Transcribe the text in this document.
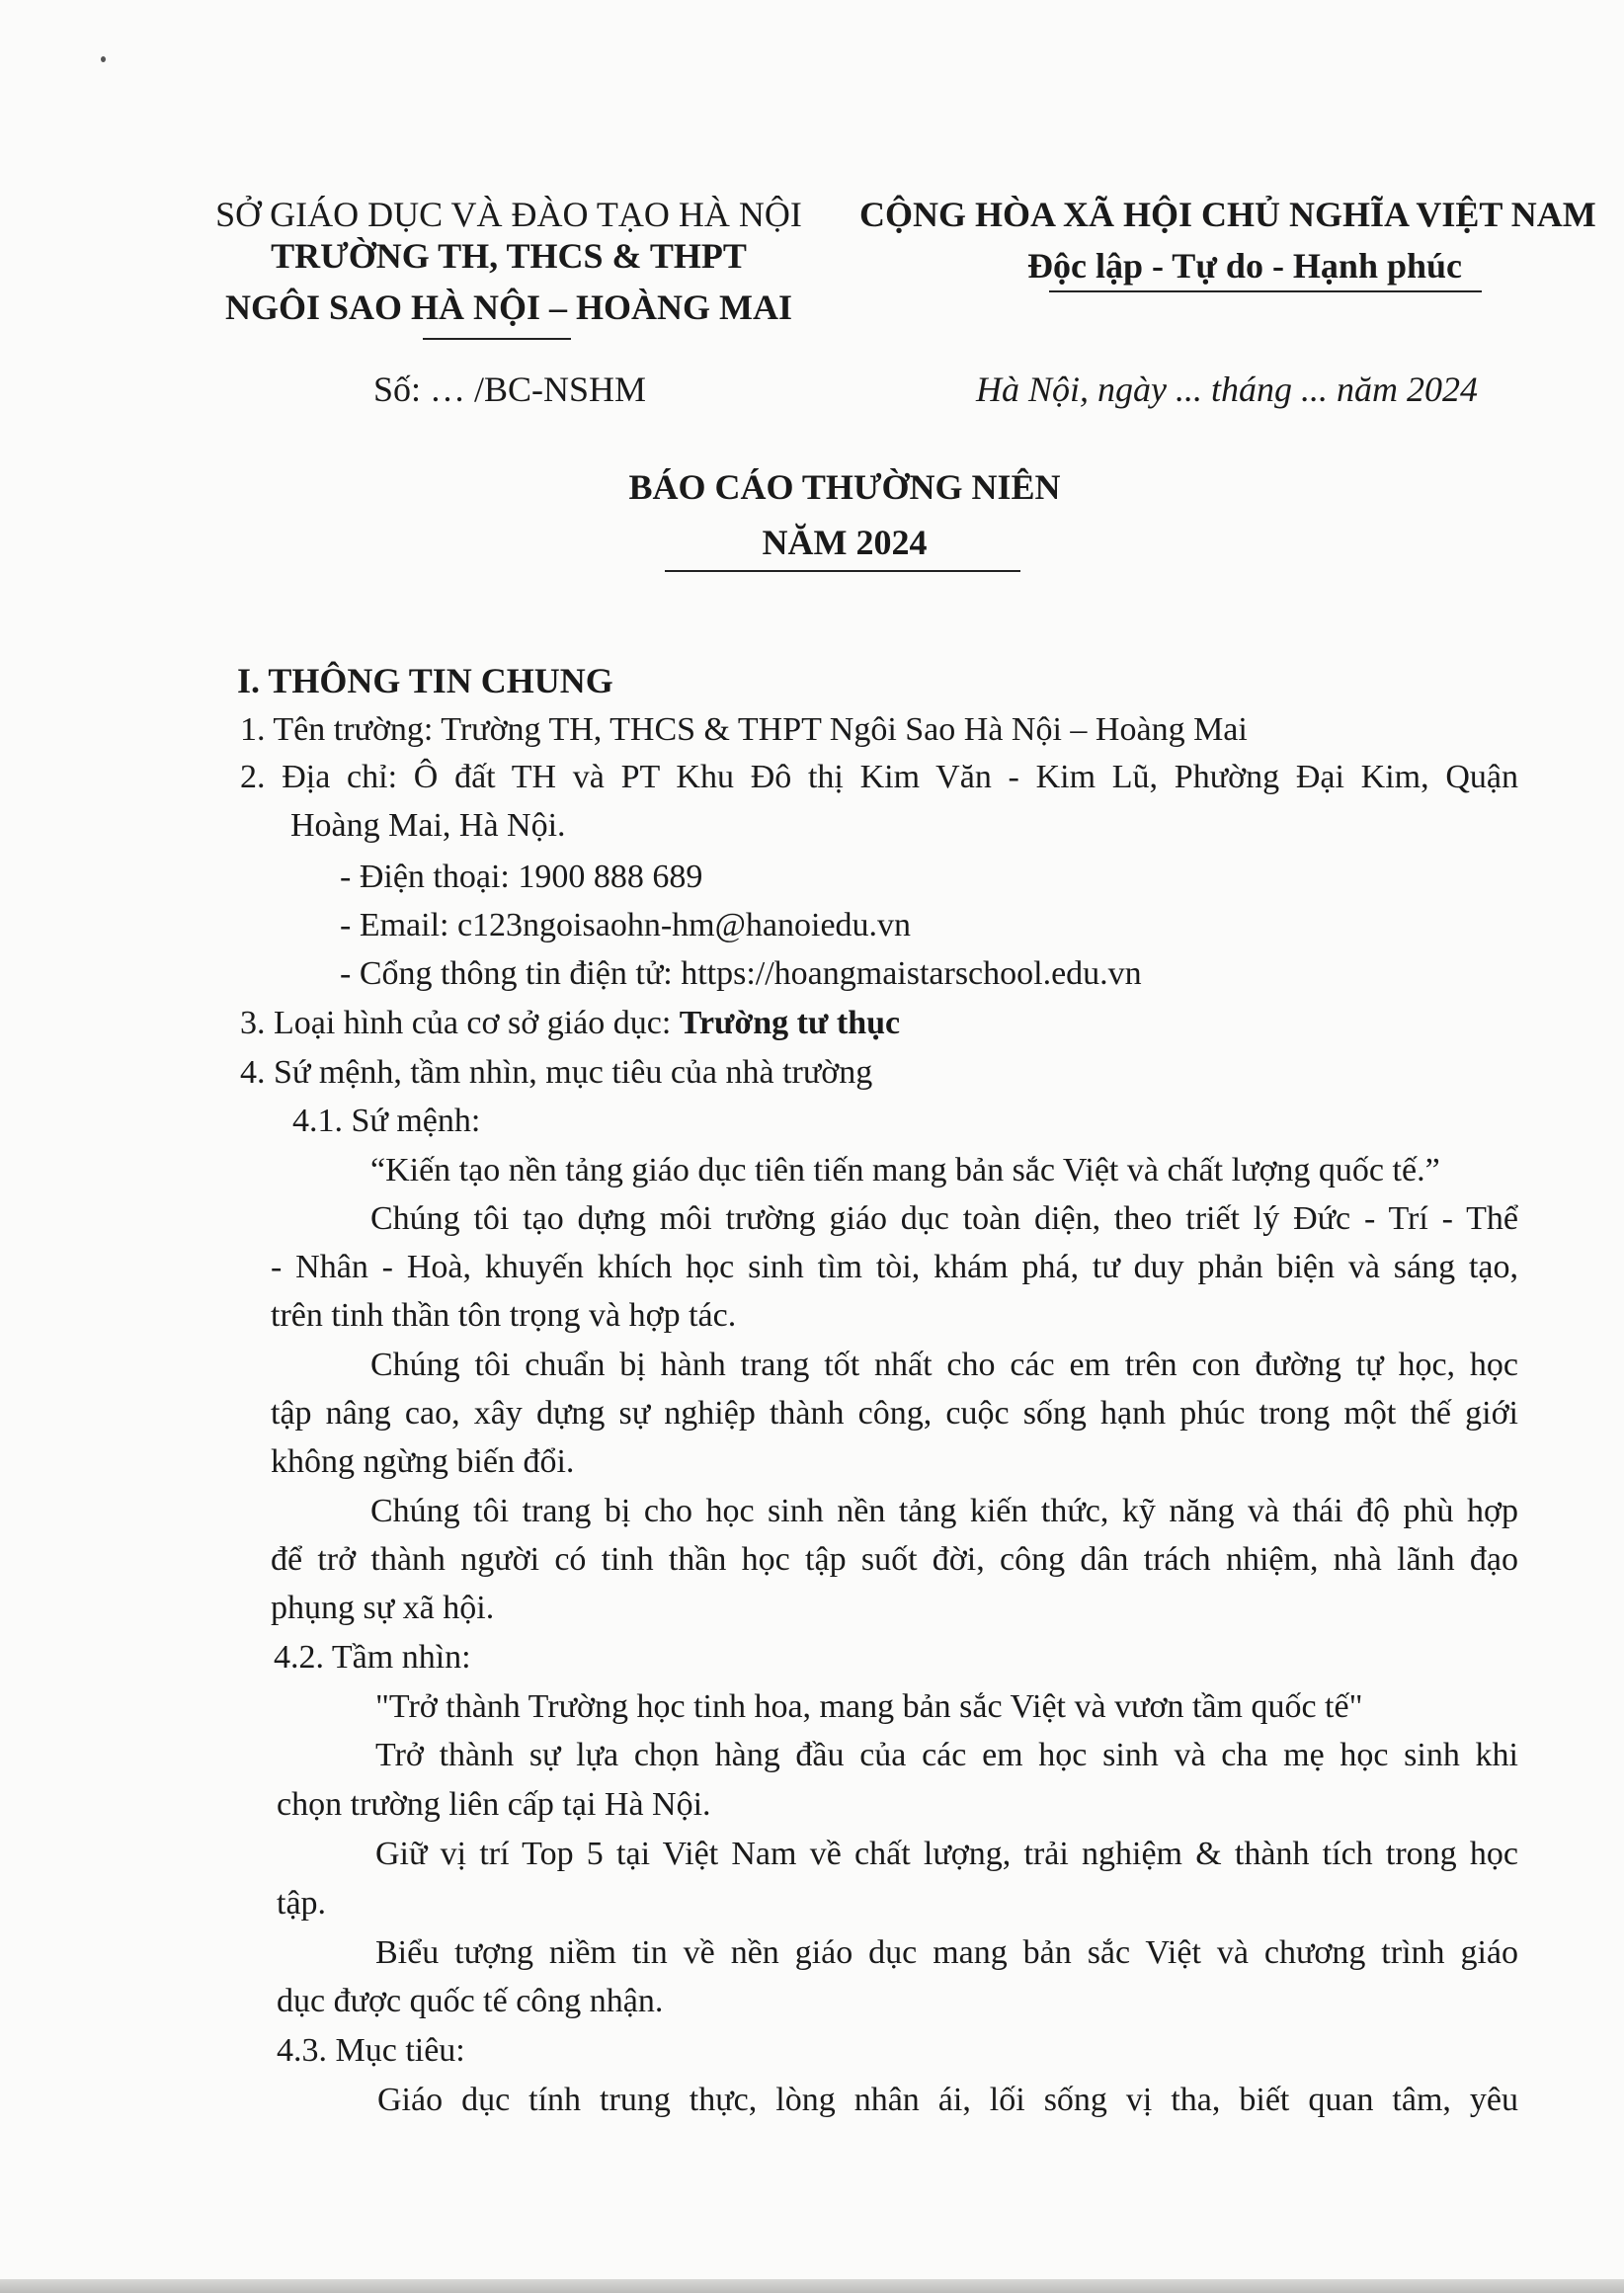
SỞ GIÁO DỤC VÀ ĐÀO TẠO HÀ NỘI
TRƯỜNG TH, THCS & THPT
NGÔI SAO HÀ NỘI – HOÀNG MAI
Số: … /BC-NSHM
CỘNG HÒA XÃ HỘI CHỦ NGHĨA VIỆT NAM
Độc lập - Tự do - Hạnh phúc
Hà Nội, ngày ... tháng ... năm 2024
BÁO CÁO THƯỜNG NIÊN
NĂM 2024
I. THÔNG TIN CHUNG
1. Tên trường: Trường TH, THCS & THPT Ngôi Sao Hà Nội – Hoàng Mai
2. Địa chỉ: Ô đất TH và PT Khu Đô thị Kim Văn - Kim Lũ, Phường Đại Kim, Quận
Hoàng Mai, Hà Nội.
- Điện thoại: 1900 888 689
- Email: c123ngoisaohn-hm@hanoiedu.vn
- Cổng thông tin điện tử: https://hoangmaistarschool.edu.vn
3. Loại hình của cơ sở giáo dục: Trường tư thục
4. Sứ mệnh, tầm nhìn, mục tiêu của nhà trường
4.1. Sứ mệnh:
“Kiến tạo nền tảng giáo dục tiên tiến mang bản sắc Việt và chất lượng quốc tế.”
Chúng tôi tạo dựng môi trường giáo dục toàn diện, theo triết lý Đức - Trí - Thể
- Nhân - Hoà, khuyến khích học sinh tìm tòi, khám phá, tư duy phản biện và sáng tạo,
trên tinh thần tôn trọng và hợp tác.
Chúng tôi chuẩn bị hành trang tốt nhất cho các em trên con đường tự học, học
tập nâng cao, xây dựng sự nghiệp thành công, cuộc sống hạnh phúc trong một thế giới
không ngừng biến đổi.
Chúng tôi trang bị cho học sinh nền tảng kiến thức, kỹ năng và thái độ phù hợp
để trở thành người có tinh thần học tập suốt đời, công dân trách nhiệm, nhà lãnh đạo
phụng sự xã hội.
4.2. Tầm nhìn:
"Trở thành Trường học tinh hoa, mang bản sắc Việt và vươn tầm quốc tế"
Trở thành sự lựa chọn hàng đầu của các em học sinh và cha mẹ học sinh khi
chọn trường liên cấp tại Hà Nội.
Giữ vị trí Top 5 tại Việt Nam về chất lượng, trải nghiệm & thành tích trong học
tập.
Biểu tượng niềm tin về nền giáo dục mang bản sắc Việt và chương trình giáo
dục được quốc tế công nhận.
4.3. Mục tiêu:
Giáo dục tính trung thực, lòng nhân ái, lối sống vị tha, biết quan tâm, yêu
